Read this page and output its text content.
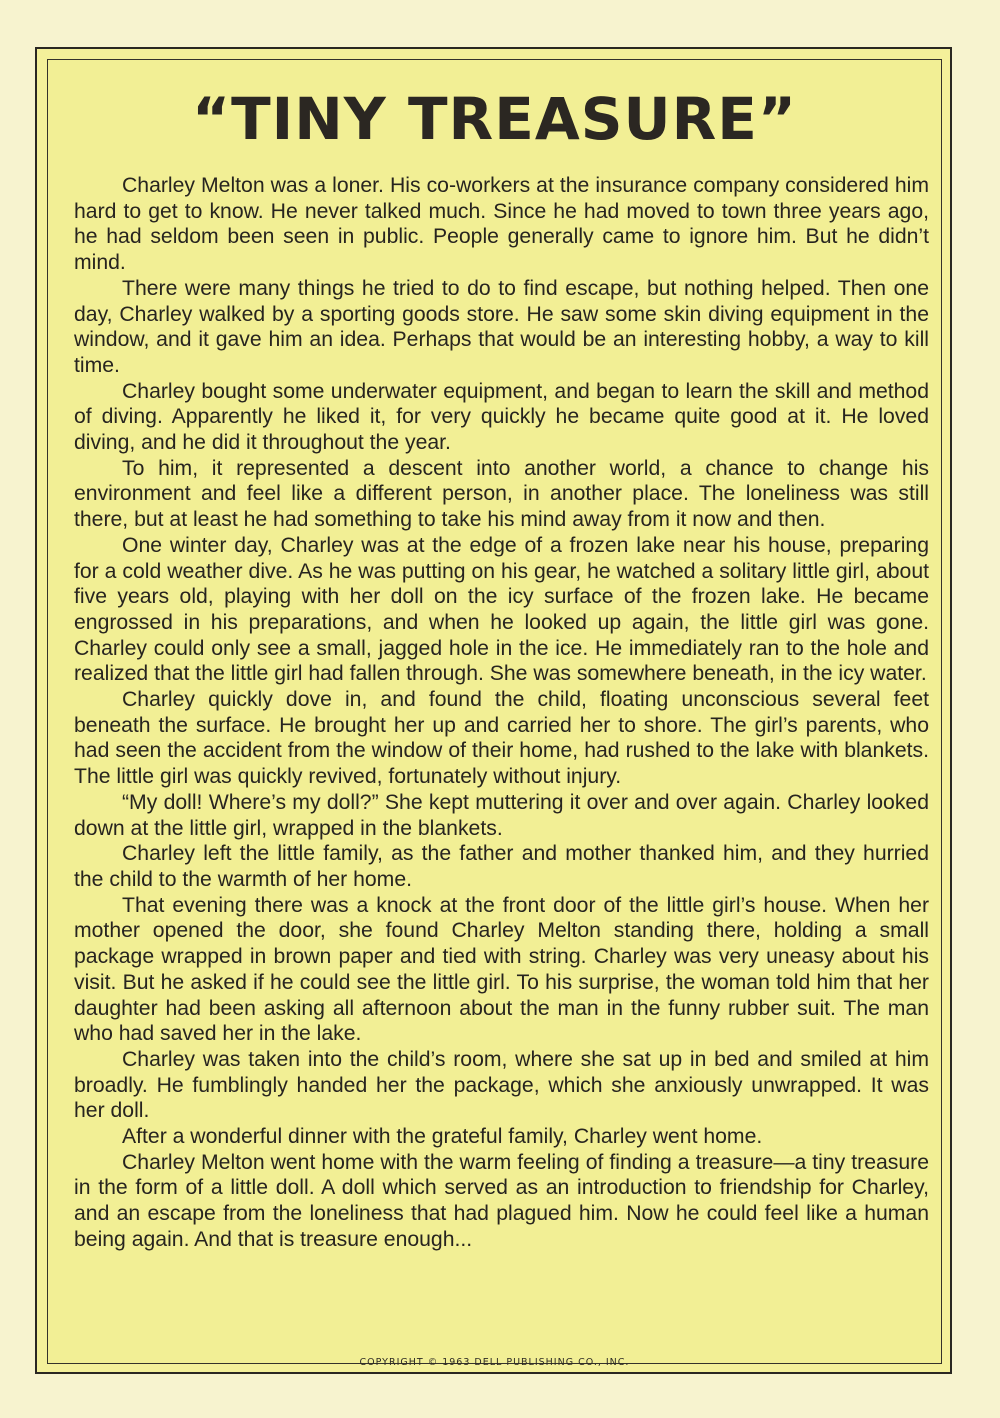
“TINY TREASURE”

Charley Melton was a loner. His co-workers at the insurance company considered him hard to get to know. He never talked much. Since he had moved to town three years ago, he had seldom been seen in public. People generally came to ignore him. But he didn’t mind.

There were many things he tried to do to find escape, but nothing helped. Then one day, Charley walked by a sporting goods store. He saw some skin diving equipment in the window, and it gave him an idea. Perhaps that would be an interesting hobby, a way to kill time.

Charley bought some underwater equipment, and began to learn the skill and method of diving. Apparently he liked it, for very quickly he became quite good at it. He loved diving, and he did it throughout the year.

To him, it represented a descent into another world, a chance to change his environment and feel like a different person, in another place. The loneliness was still there, but at least he had something to take his mind away from it now and then.

One winter day, Charley was at the edge of a frozen lake near his house, preparing for a cold weather dive. As he was putting on his gear, he watched a solitary little girl, about five years old, playing with her doll on the icy surface of the frozen lake. He became engrossed in his preparations, and when he looked up again, the little girl was gone. Charley could only see a small, jagged hole in the ice. He immediately ran to the hole and realized that the little girl had fallen through. She was somewhere beneath, in the icy water.

Charley quickly dove in, and found the child, floating unconscious several feet beneath the surface. He brought her up and carried her to shore. The girl’s parents, who had seen the accident from the window of their home, had rushed to the lake with blankets. The little girl was quickly revived, fortunately without injury.

“My doll! Where’s my doll?” She kept muttering it over and over again. Charley looked down at the little girl, wrapped in the blankets.

Charley left the little family, as the father and mother thanked him, and they hurried the child to the warmth of her home.

That evening there was a knock at the front door of the little girl’s house. When her mother opened the door, she found Charley Melton standing there, holding a small package wrapped in brown paper and tied with string. Charley was very uneasy about his visit. But he asked if he could see the little girl. To his surprise, the woman told him that her daughter had been asking all afternoon about the man in the funny rubber suit. The man who had saved her in the lake.

Charley was taken into the child’s room, where she sat up in bed and smiled at him broadly. He fumblingly handed her the package, which she anxiously unwrapped. It was her doll.

After a wonderful dinner with the grateful family, Charley went home.

Charley Melton went home with the warm feeling of finding a treasure—a tiny treasure in the form of a little doll. A doll which served as an introduction to friendship for Charley, and an escape from the loneliness that had plagued him. Now he could feel like a human being again. And that is treasure enough...

COPYRIGHT © 1963 DELL PUBLISHING CO., INC.
